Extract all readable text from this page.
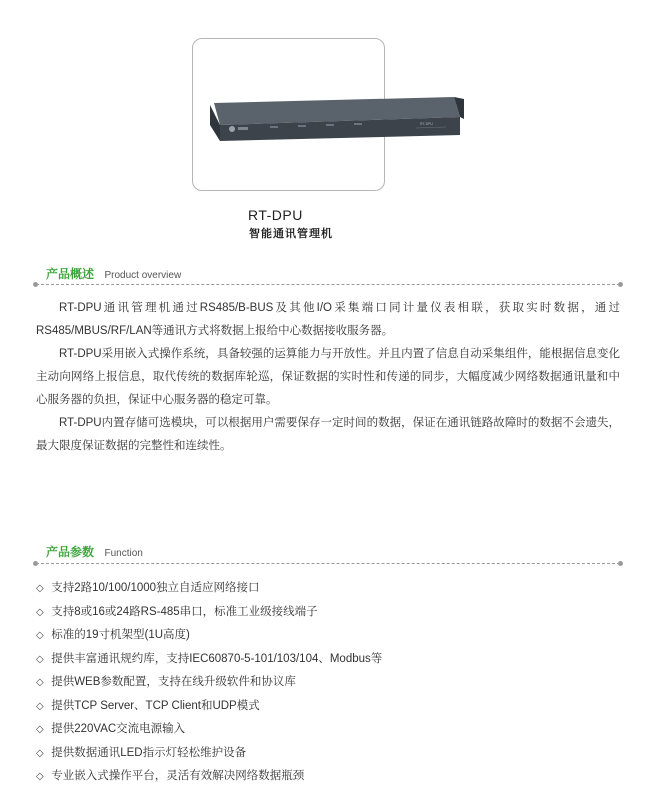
RT-DPU
RT-DPU
智能通讯管理机
产品概述 Product overview

RT-DPU通讯管理机通过RS485/B-BUS及其他I/O采集端口同计量仪表相联，获取实时数据，通过RS485/MBUS/RF/LAN等通讯方式将数据上报给中心数据接收服务器。

RT-DPU采用嵌入式操作系统，具备较强的运算能力与开放性。并且内置了信息自动采集组件，能根据信息变化主动向网络上报信息，取代传统的数据库轮巡，保证数据的实时性和传递的同步，大幅度减少网络数据通讯量和中心服务器的负担，保证中心服务器的稳定可靠。

RT-DPU内置存储可选模块，可以根据用户需要保存一定时间的数据，保证在通讯链路故障时的数据不会遗失，最大限度保证数据的完整性和连续性。

产品参数 Function
◇ 支持2路10/100/1000独立自适应网络接口
◇ 支持8或16或24路RS-485串口，标准工业级接线端子
◇ 标准的19寸机架型(1U高度)
◇ 提供丰富通讯规约库，支持IEC60870-5-101/103/104、Modbus等
◇ 提供WEB参数配置，支持在线升级软件和协议库
◇ 提供TCP Server、TCP Client和UDP模式
◇ 提供220VAC交流电源输入
◇ 提供数据通讯LED指示灯轻松维护设备
◇ 专业嵌入式操作平台，灵活有效解决网络数据瓶颈
